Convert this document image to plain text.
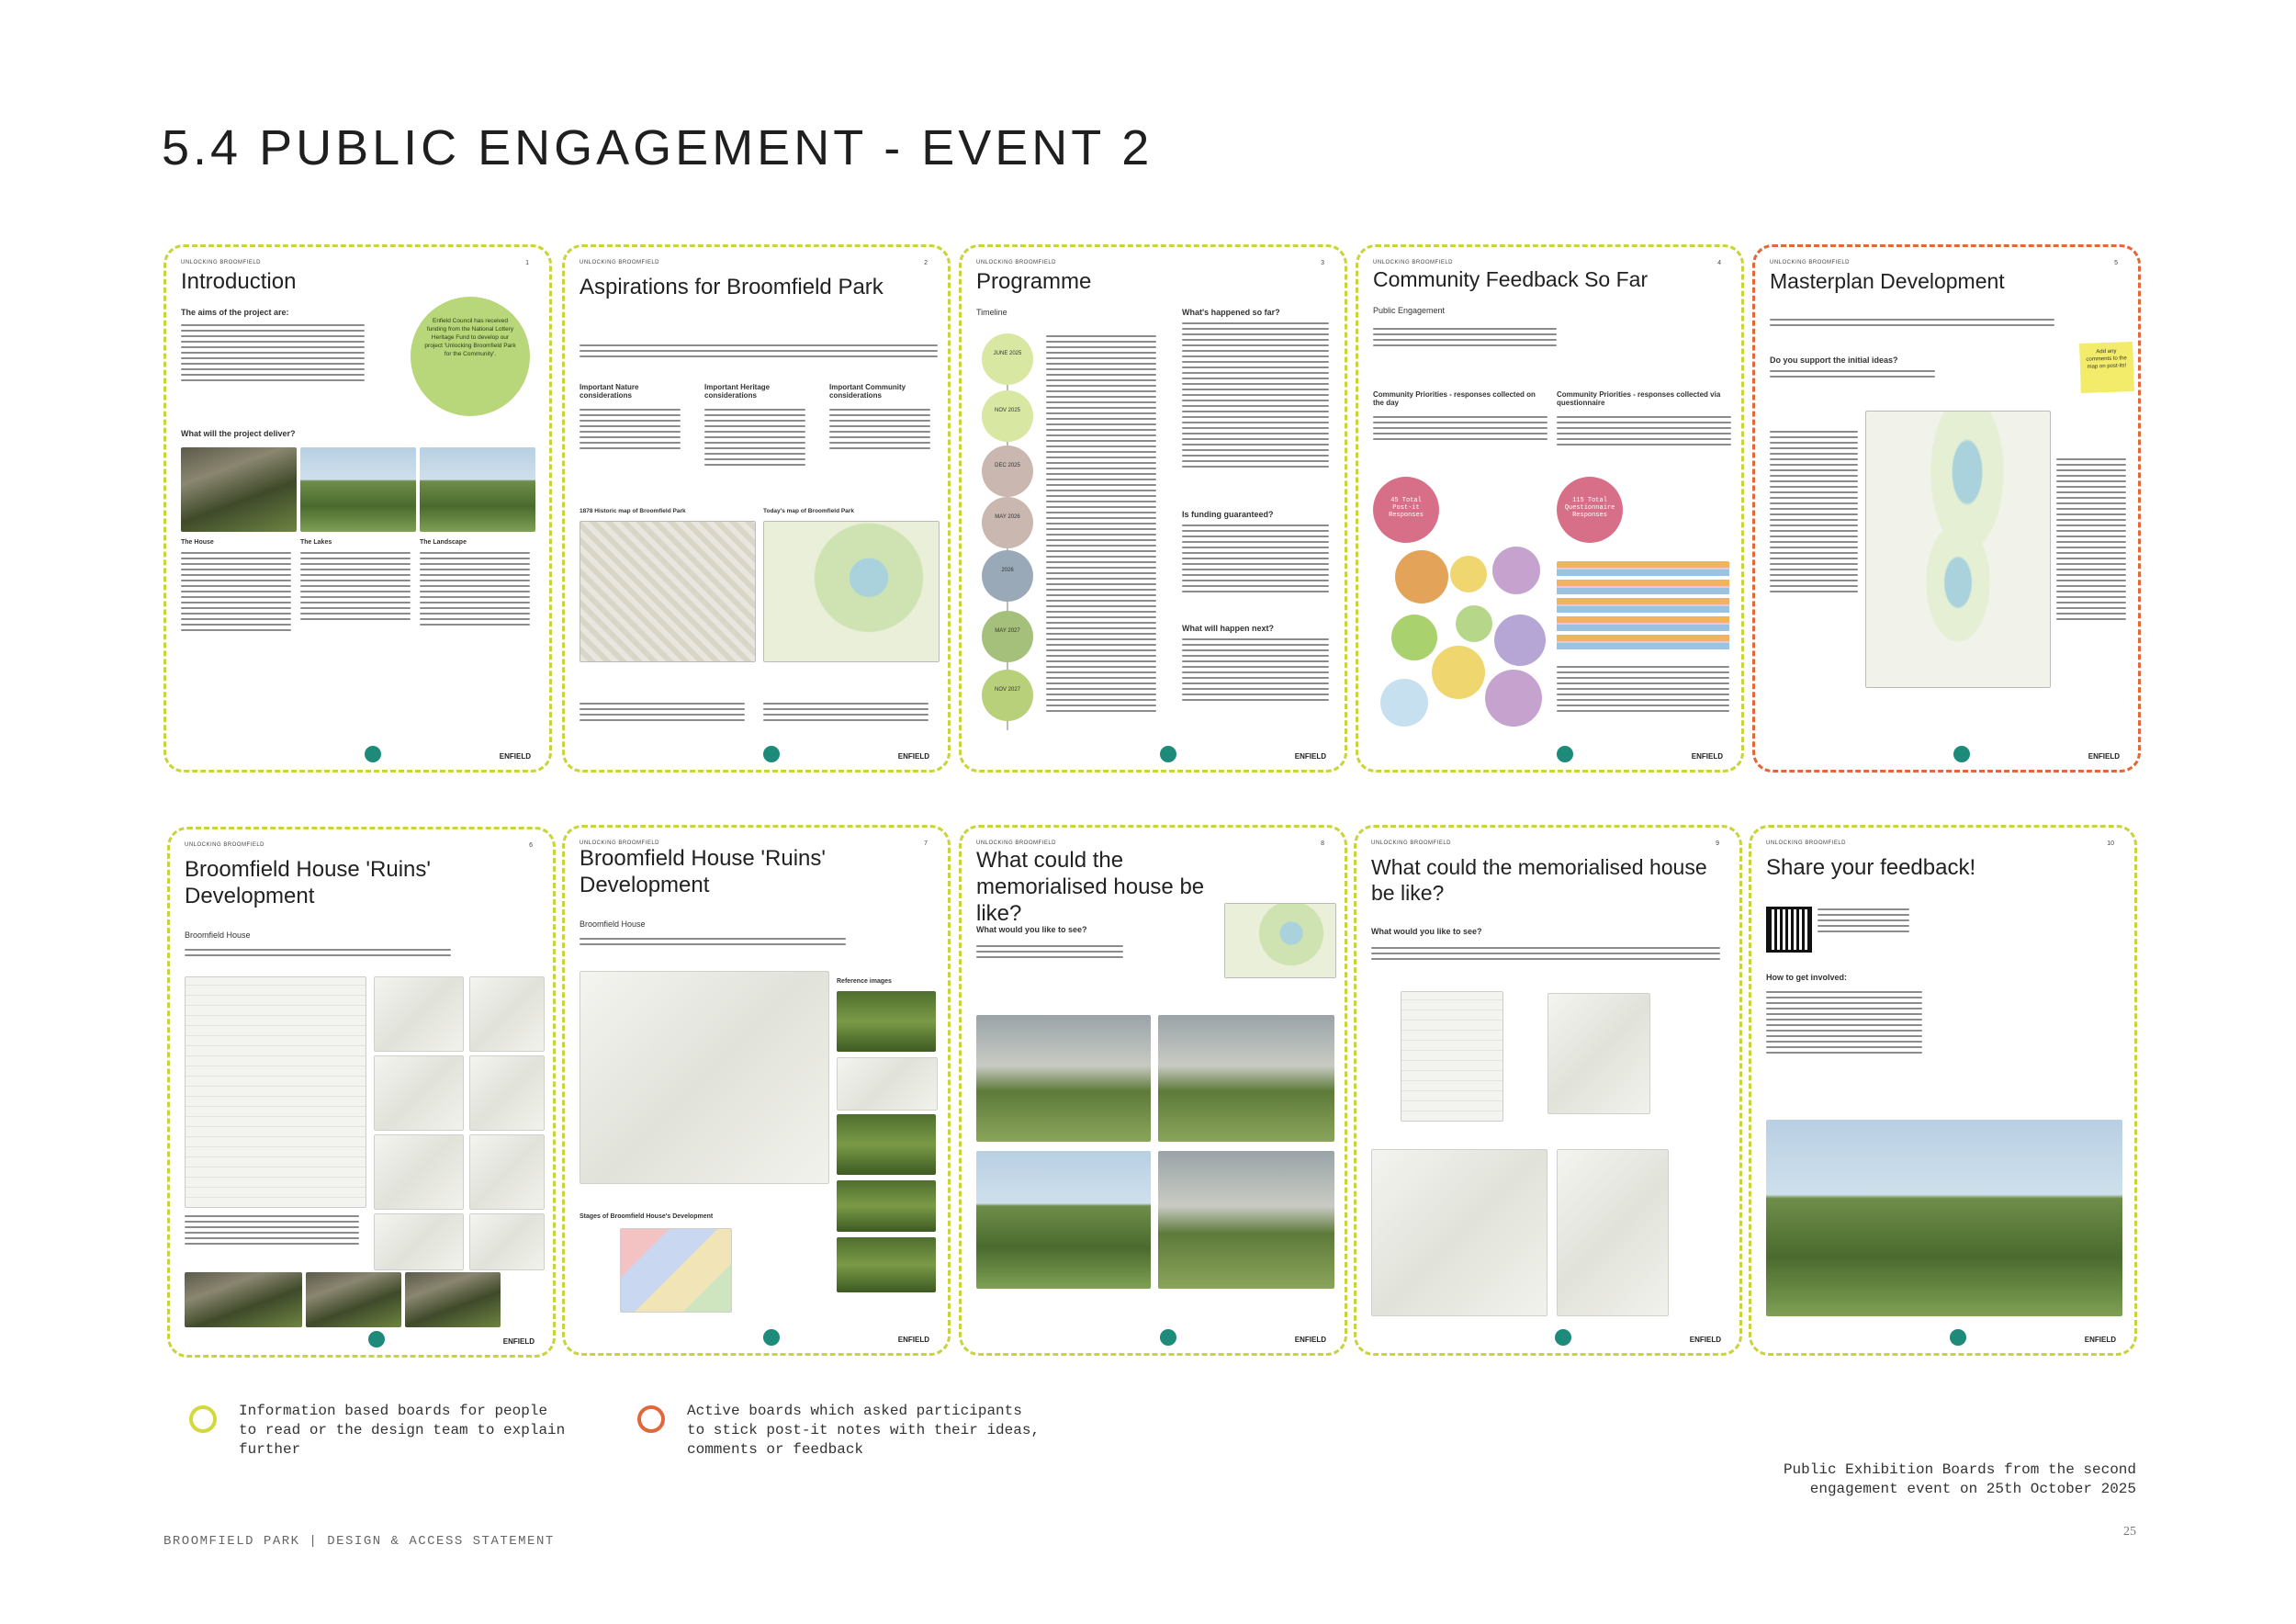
5.4 PUBLIC ENGAGEMENT - EVENT 2
UNLOCKING BROOMFIELD	1
Introduction
The aims of the project are:
Enfield Council has received funding from the National Lottery Heritage Fund to develop our project 'Unlocking Broomfield Park for the Community'.
What will the project deliver?
The House	The Lakes	The Landscape
ENFIELD
UNLOCKING BROOMFIELD	2
Aspirations for Broomfield Park
Important Nature considerations
Important Heritage considerations
Important Community considerations
1878 Historic map of Broomfield Park	Today's map of Broomfield Park
ENFIELD
UNLOCKING BROOMFIELD	3
Programme
Timeline
JUNE 2025
NOV 2025
DEC 2025
MAY 2026
2026
MAY 2027
NOV 2027
What's happened so far?
Is funding guaranteed?
What will happen next?
ENFIELD
UNLOCKING BROOMFIELD	4
Community Feedback So Far
Public Engagement
Community Priorities - responses collected on the day
Community Priorities - responses collected via questionnaire
45 Total Post-it Responses
115 Total Questionnaire Responses
ENFIELD
UNLOCKING BROOMFIELD	5
Masterplan Development
Do you support the initial ideas?
Add any comments to the map on post-its!
ENFIELD
UNLOCKING BROOMFIELD	6
Broomfield House 'Ruins' Development
Broomfield House
ENFIELD
UNLOCKING BROOMFIELD	7
Broomfield House 'Ruins' Development
Broomfield House
Reference images
Stages of Broomfield House's Development
ENFIELD
UNLOCKING BROOMFIELD	8
What could the memorialised house be like?
What would you like to see?
ENFIELD
UNLOCKING BROOMFIELD	9
What could the memorialised house be like?
What would you like to see?
ENFIELD
UNLOCKING BROOMFIELD	10
Share your feedback!
How to get involved:
ENFIELD
Information based boards for people
to read or the design team to explain
further
Active boards which asked participants
to stick post-it notes with their ideas,
comments or feedback
Public Exhibition Boards from the second
engagement event on 25th October 2025
BROOMFIELD PARK | DESIGN & ACCESS STATEMENT
25
